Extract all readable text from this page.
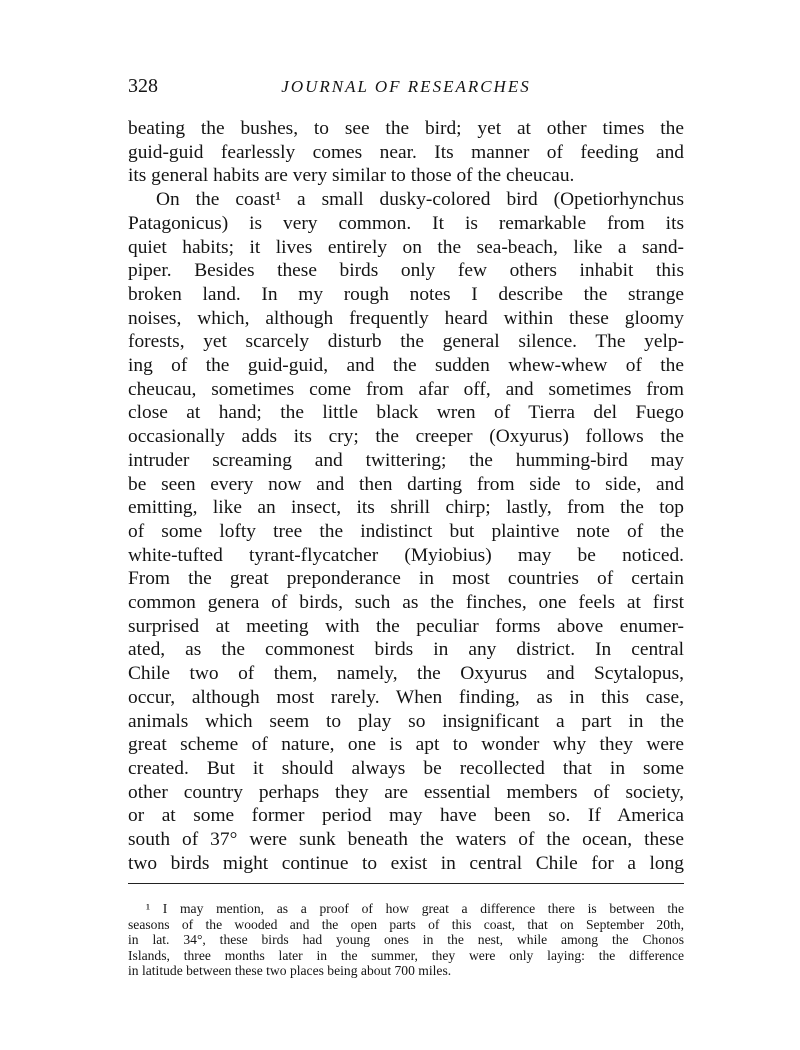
328	JOURNAL OF RESEARCHES
beating the bushes, to see the bird; yet at other times the
guid-guid fearlessly comes near. Its manner of feeding and
its general habits are very similar to those of the cheucau.
On the coast¹ a small dusky-colored bird (Opetiorhynchus
Patagonicus) is very common. It is remarkable from its
quiet habits; it lives entirely on the sea-beach, like a sand-
piper. Besides these birds only few others inhabit this
broken land. In my rough notes I describe the strange
noises, which, although frequently heard within these gloomy
forests, yet scarcely disturb the general silence. The yelp-
ing of the guid-guid, and the sudden whew-whew of the
cheucau, sometimes come from afar off, and sometimes from
close at hand; the little black wren of Tierra del Fuego
occasionally adds its cry; the creeper (Oxyurus) follows the
intruder screaming and twittering; the humming-bird may
be seen every now and then darting from side to side, and
emitting, like an insect, its shrill chirp; lastly, from the top
of some lofty tree the indistinct but plaintive note of the
white-tufted tyrant-flycatcher (Myiobius) may be noticed.
From the great preponderance in most countries of certain
common genera of birds, such as the finches, one feels at first
surprised at meeting with the peculiar forms above enumer-
ated, as the commonest birds in any district. In central
Chile two of them, namely, the Oxyurus and Scytalopus,
occur, although most rarely. When finding, as in this case,
animals which seem to play so insignificant a part in the
great scheme of nature, one is apt to wonder why they were
created. But it should always be recollected that in some
other country perhaps they are essential members of society,
or at some former period may have been so. If America
south of 37° were sunk beneath the waters of the ocean, these
two birds might continue to exist in central Chile for a long
¹ I may mention, as a proof of how great a difference there is between the
seasons of the wooded and the open parts of this coast, that on September 20th,
in lat. 34°, these birds had young ones in the nest, while among the Chonos
Islands, three months later in the summer, they were only laying: the difference
in latitude between these two places being about 700 miles.
